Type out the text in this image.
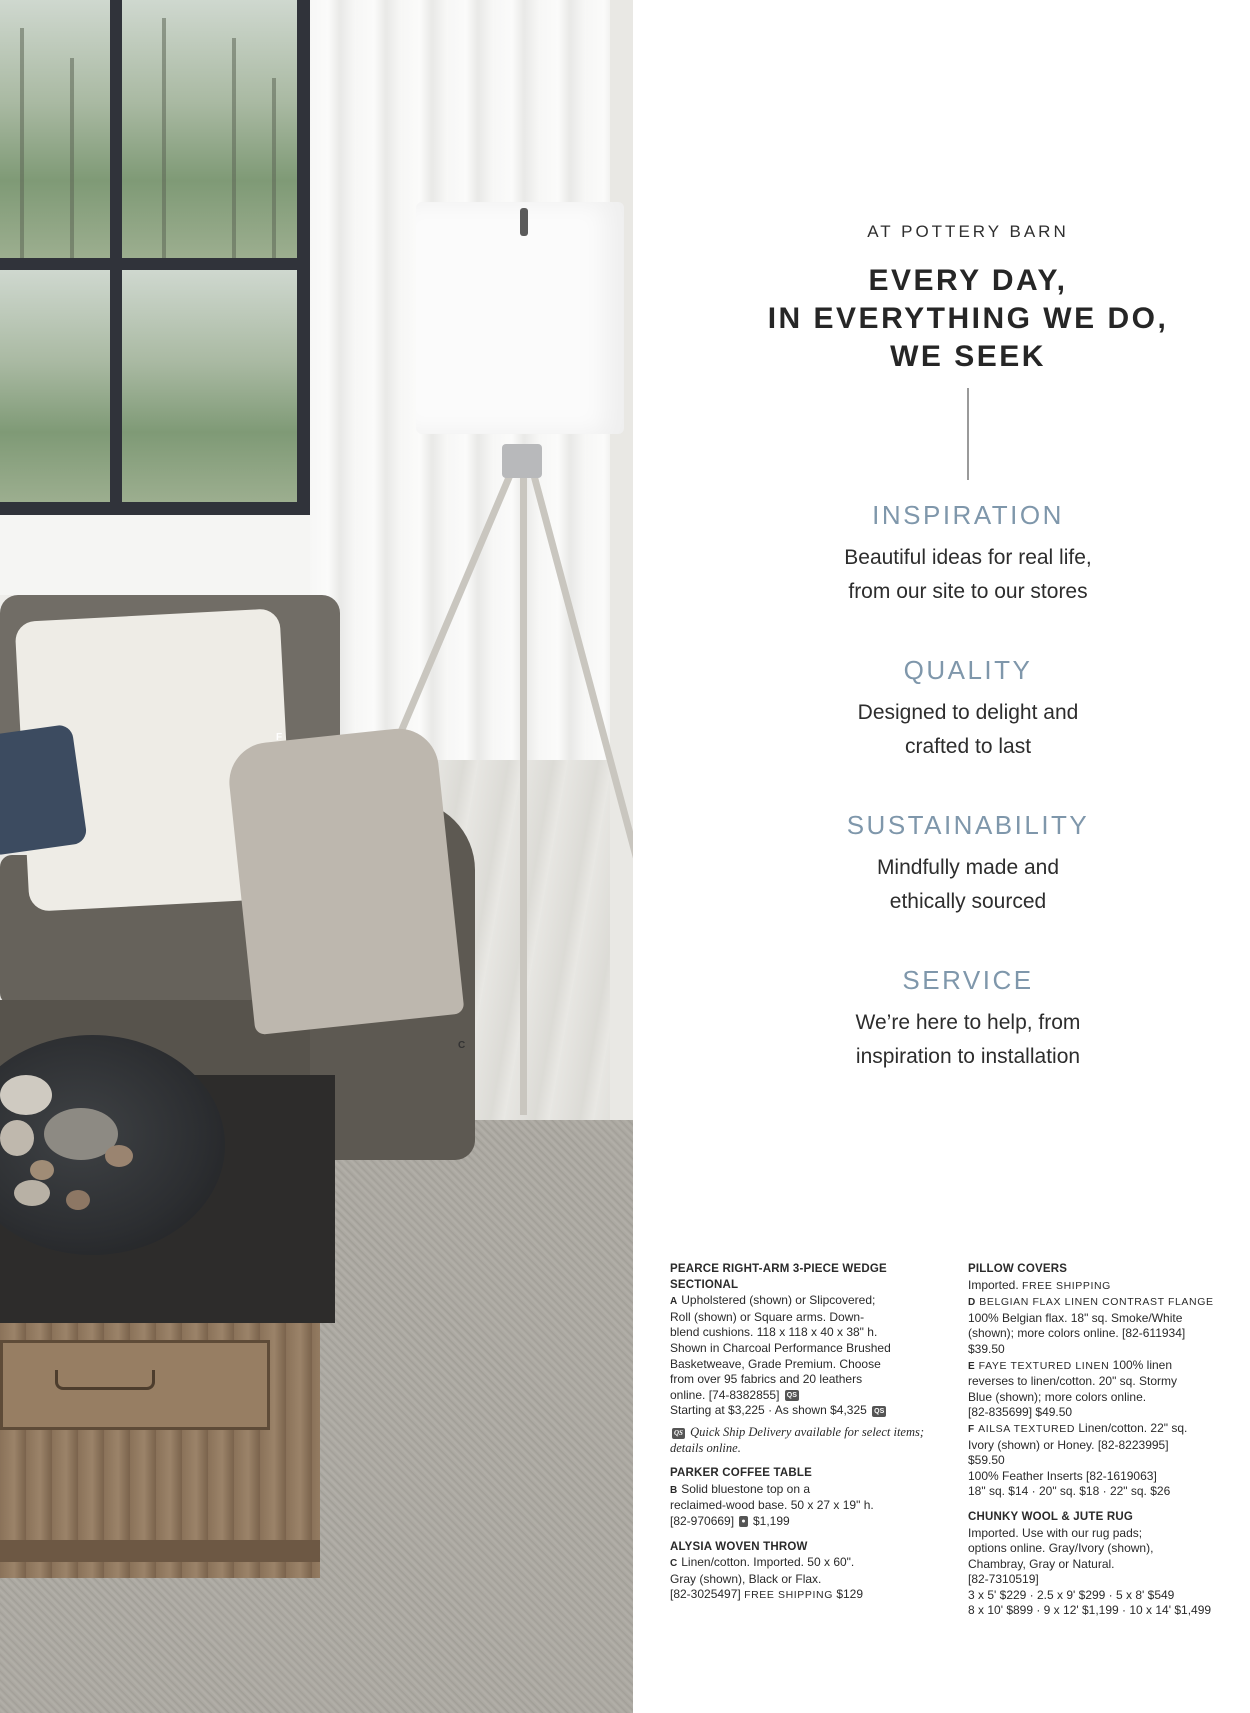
F
C
AT POTTERY BARN
EVERY DAY,
IN EVERYTHING WE DO,
WE SEEK
INSPIRATION
Beautiful ideas for real life,
from our site to our stores
QUALITY
Designed to delight and
crafted to last
SUSTAINABILITY
Mindfully made and
ethically sourced
SERVICE
We’re here to help, from
inspiration to installation
PEARCE RIGHT-ARM 3-PIECE WEDGE SECTIONAL
A Upholstered (shown) or Slipcovered;
Roll (shown) or Square arms. Down-
blend cushions. 118 x 118 x 40 x 38" h.
Shown in Charcoal Performance Brushed
Basketweave, Grade Premium. Choose
from over 95 fabrics and 20 leathers
online. [74-8382855] QS
Starting at $3,225 · As shown $4,325 QS
QS Quick Ship Delivery available for select items; details online.
PARKER COFFEE TABLE
B Solid bluestone top on a
reclaimed-wood base. 50 x 27 x 19" h.
[82-970669] ● $1,199
ALYSIA WOVEN THROW
C Linen/cotton. Imported. 50 x 60".
Gray (shown), Black or Flax.
[82-3025497] FREE SHIPPING $129
PILLOW COVERS
Imported. FREE SHIPPING
D BELGIAN FLAX LINEN CONTRAST FLANGE
100% Belgian flax. 18" sq. Smoke/White
(shown); more colors online. [82-611934]
$39.50
E FAYE TEXTURED LINEN 100% linen
reverses to linen/cotton. 20" sq. Stormy
Blue (shown); more colors online.
[82-835699] $49.50
F AILSA TEXTURED Linen/cotton. 22" sq.
Ivory (shown) or Honey. [82-8223995]
$59.50
100% Feather Inserts [82-1619063]
18" sq. $14 · 20" sq. $18 · 22" sq. $26
CHUNKY WOOL & JUTE RUG
Imported. Use with our rug pads;
options online. Gray/Ivory (shown),
Chambray, Gray or Natural.
[82-7310519]
3 x 5' $229 · 2.5 x 9' $299 · 5 x 8' $549
8 x 10' $899 · 9 x 12' $1,199 · 10 x 14' $1,499
